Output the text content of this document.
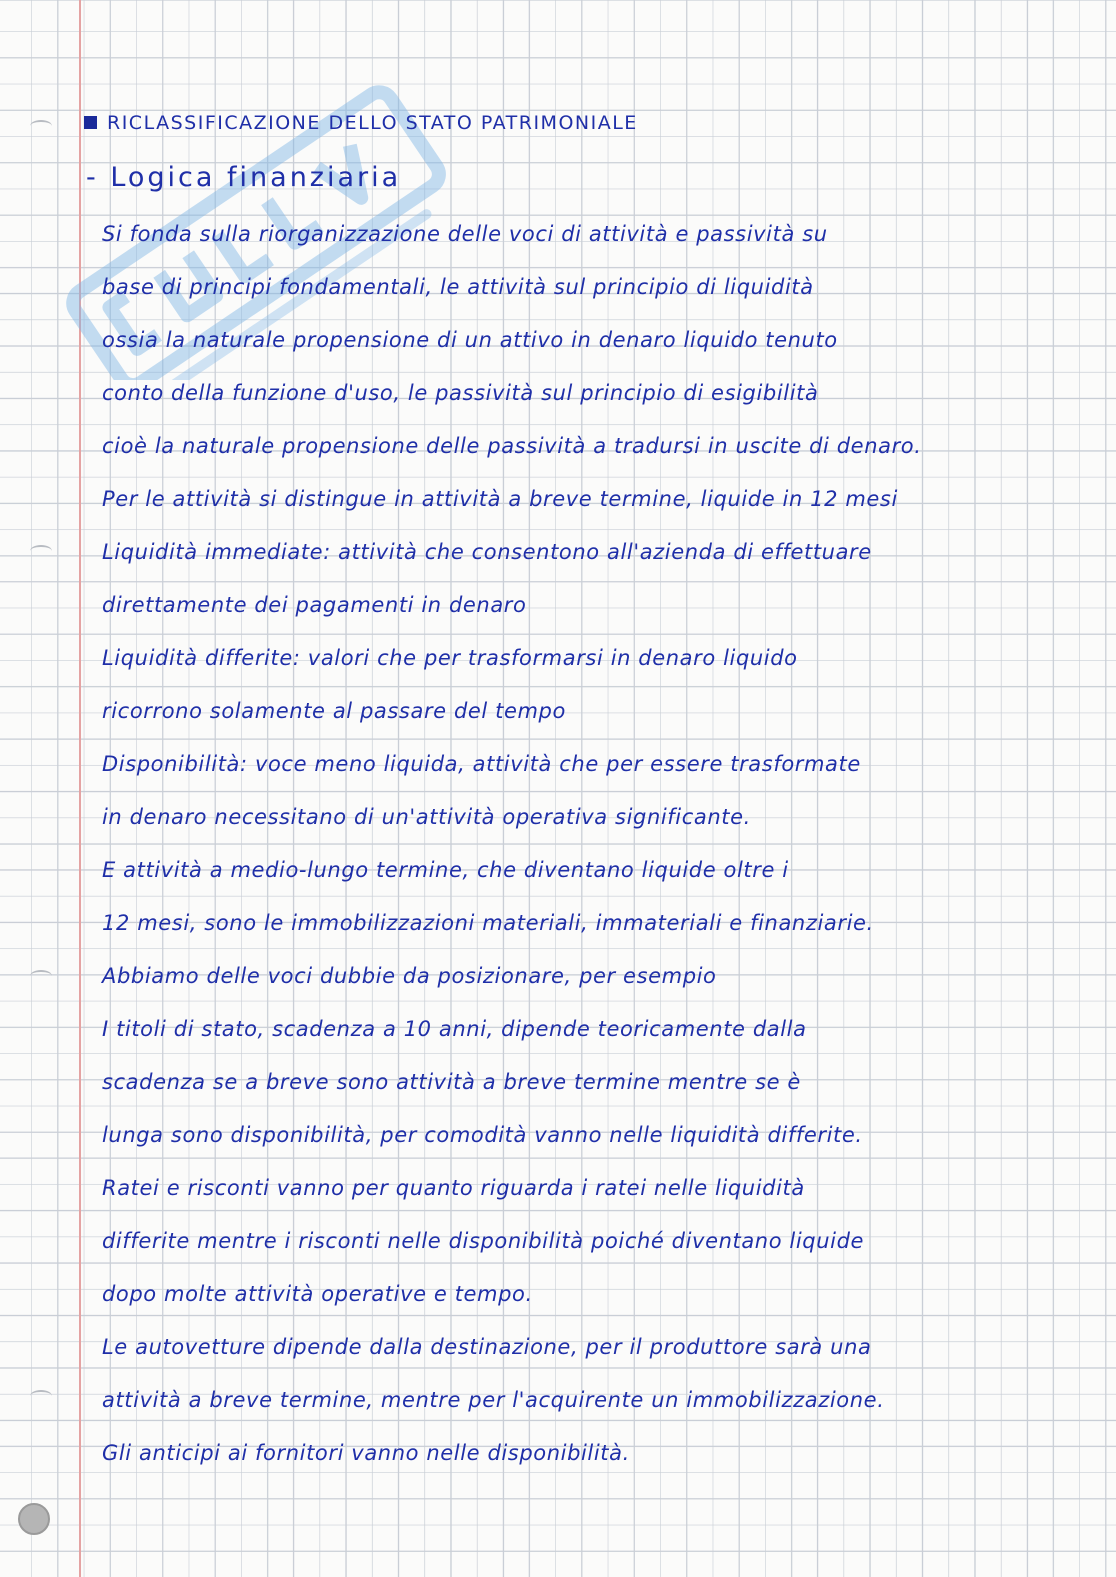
RICLASSIFICAZIONE DELLO STATO PATRIMONIALE
- Logica finanziaria
Si fonda sulla riorganizzazione delle voci di attività e passività su
base di principi fondamentali, le attività sul principio di liquidità
ossia la naturale propensione di un attivo in denaro liquido tenuto
conto della funzione d'uso, le passività sul principio di esigibilità
cioè la naturale propensione delle passività a tradursi in uscite di denaro.
Per le attività si distingue in attività a breve termine, liquide in 12 mesi
Liquidità immediate: attività che consentono all'azienda di effettuare
direttamente dei pagamenti in denaro
Liquidità differite: valori che per trasformarsi in denaro liquido
ricorrono solamente al passare del tempo
Disponibilità: voce meno liquida, attività che per essere trasformate
in denaro necessitano di un'attività operativa significante.
E attività a medio-lungo termine, che diventano liquide oltre i
12 mesi, sono le immobilizzazioni materiali, immateriali e finanziarie.
Abbiamo delle voci dubbie da posizionare, per esempio
I titoli di stato, scadenza a 10 anni, dipende teoricamente dalla
scadenza se a breve sono attività a breve termine mentre se è
lunga sono disponibilità, per comodità vanno nelle liquidità differite.
Ratei e risconti vanno per quanto riguarda i ratei nelle liquidità
differite mentre i risconti nelle disponibilità poiché diventano liquide
dopo molte attività operative e tempo.
Le autovetture dipende dalla destinazione, per il produttore sarà una
attività a breve termine, mentre per l'acquirente un immobilizzazione.
Gli anticipi ai fornitori vanno nelle disponibilità.
